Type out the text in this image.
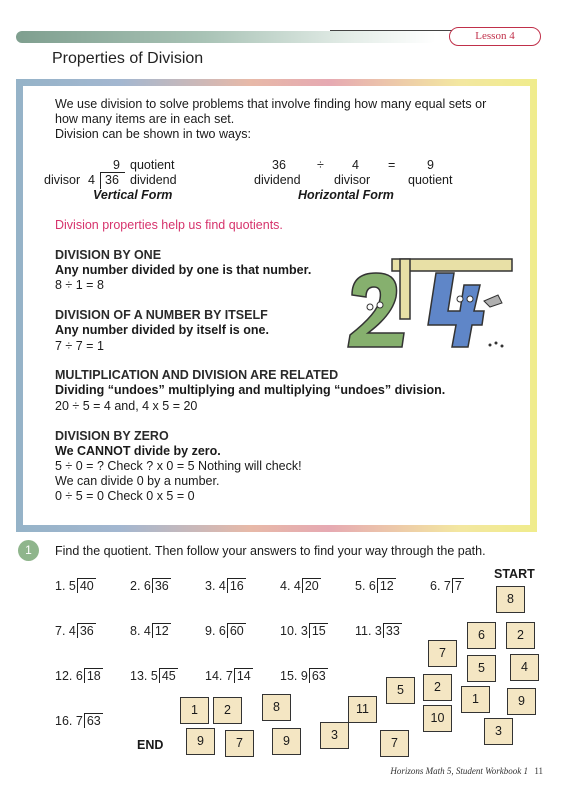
Lesson 4
Properties of Division
We use division to solve problems that involve finding how many equal sets or
how many items are in each set.
Division can be shown in two ways:
9 quotient
divisor 4 36 dividend
Vertical Form
36 ÷ 4 =	9
dividend	divisor	quotient
Horizontal Form
Division properties help us find quotients.
DIVISION BY ONE
Any number divided by one is that number.
8 ÷ 1 = 8
DIVISION OF A NUMBER BY ITSELF
Any number divided by itself is one.
7 ÷ 7 = 1
MULTIPLICATION AND DIVISION ARE RELATED
Dividing “undoes” multiplying and multiplying “undoes” division.
20 ÷ 5 = 4 and, 4 x 5 = 20
DIVISION BY ZERO
We CANNOT divide by zero.
5 ÷ 0 = ? Check ? x 0 = 5 Nothing will check!
We can divide 0 by a number.
0 ÷ 5 = 0 Check 0 x 5 = 0
1	Find the quotient. Then follow your answers to find your way through the path.
START
END
1. 5 40	2. 6 36	3. 4 16	4. 4 20	5. 6 12	6. 7 7
7. 4 36	8. 4 12	9. 6 60	10. 3 15 11. 3 33
12. 6 18 13. 5 45 14. 7 14 15. 9 63
16. 7 63
8
6	2
7
5	4
5	2
1	9
10
3
11
7
1	2	8
9	7	9	3
Horizons Math 5, Student Workbook 1 11
